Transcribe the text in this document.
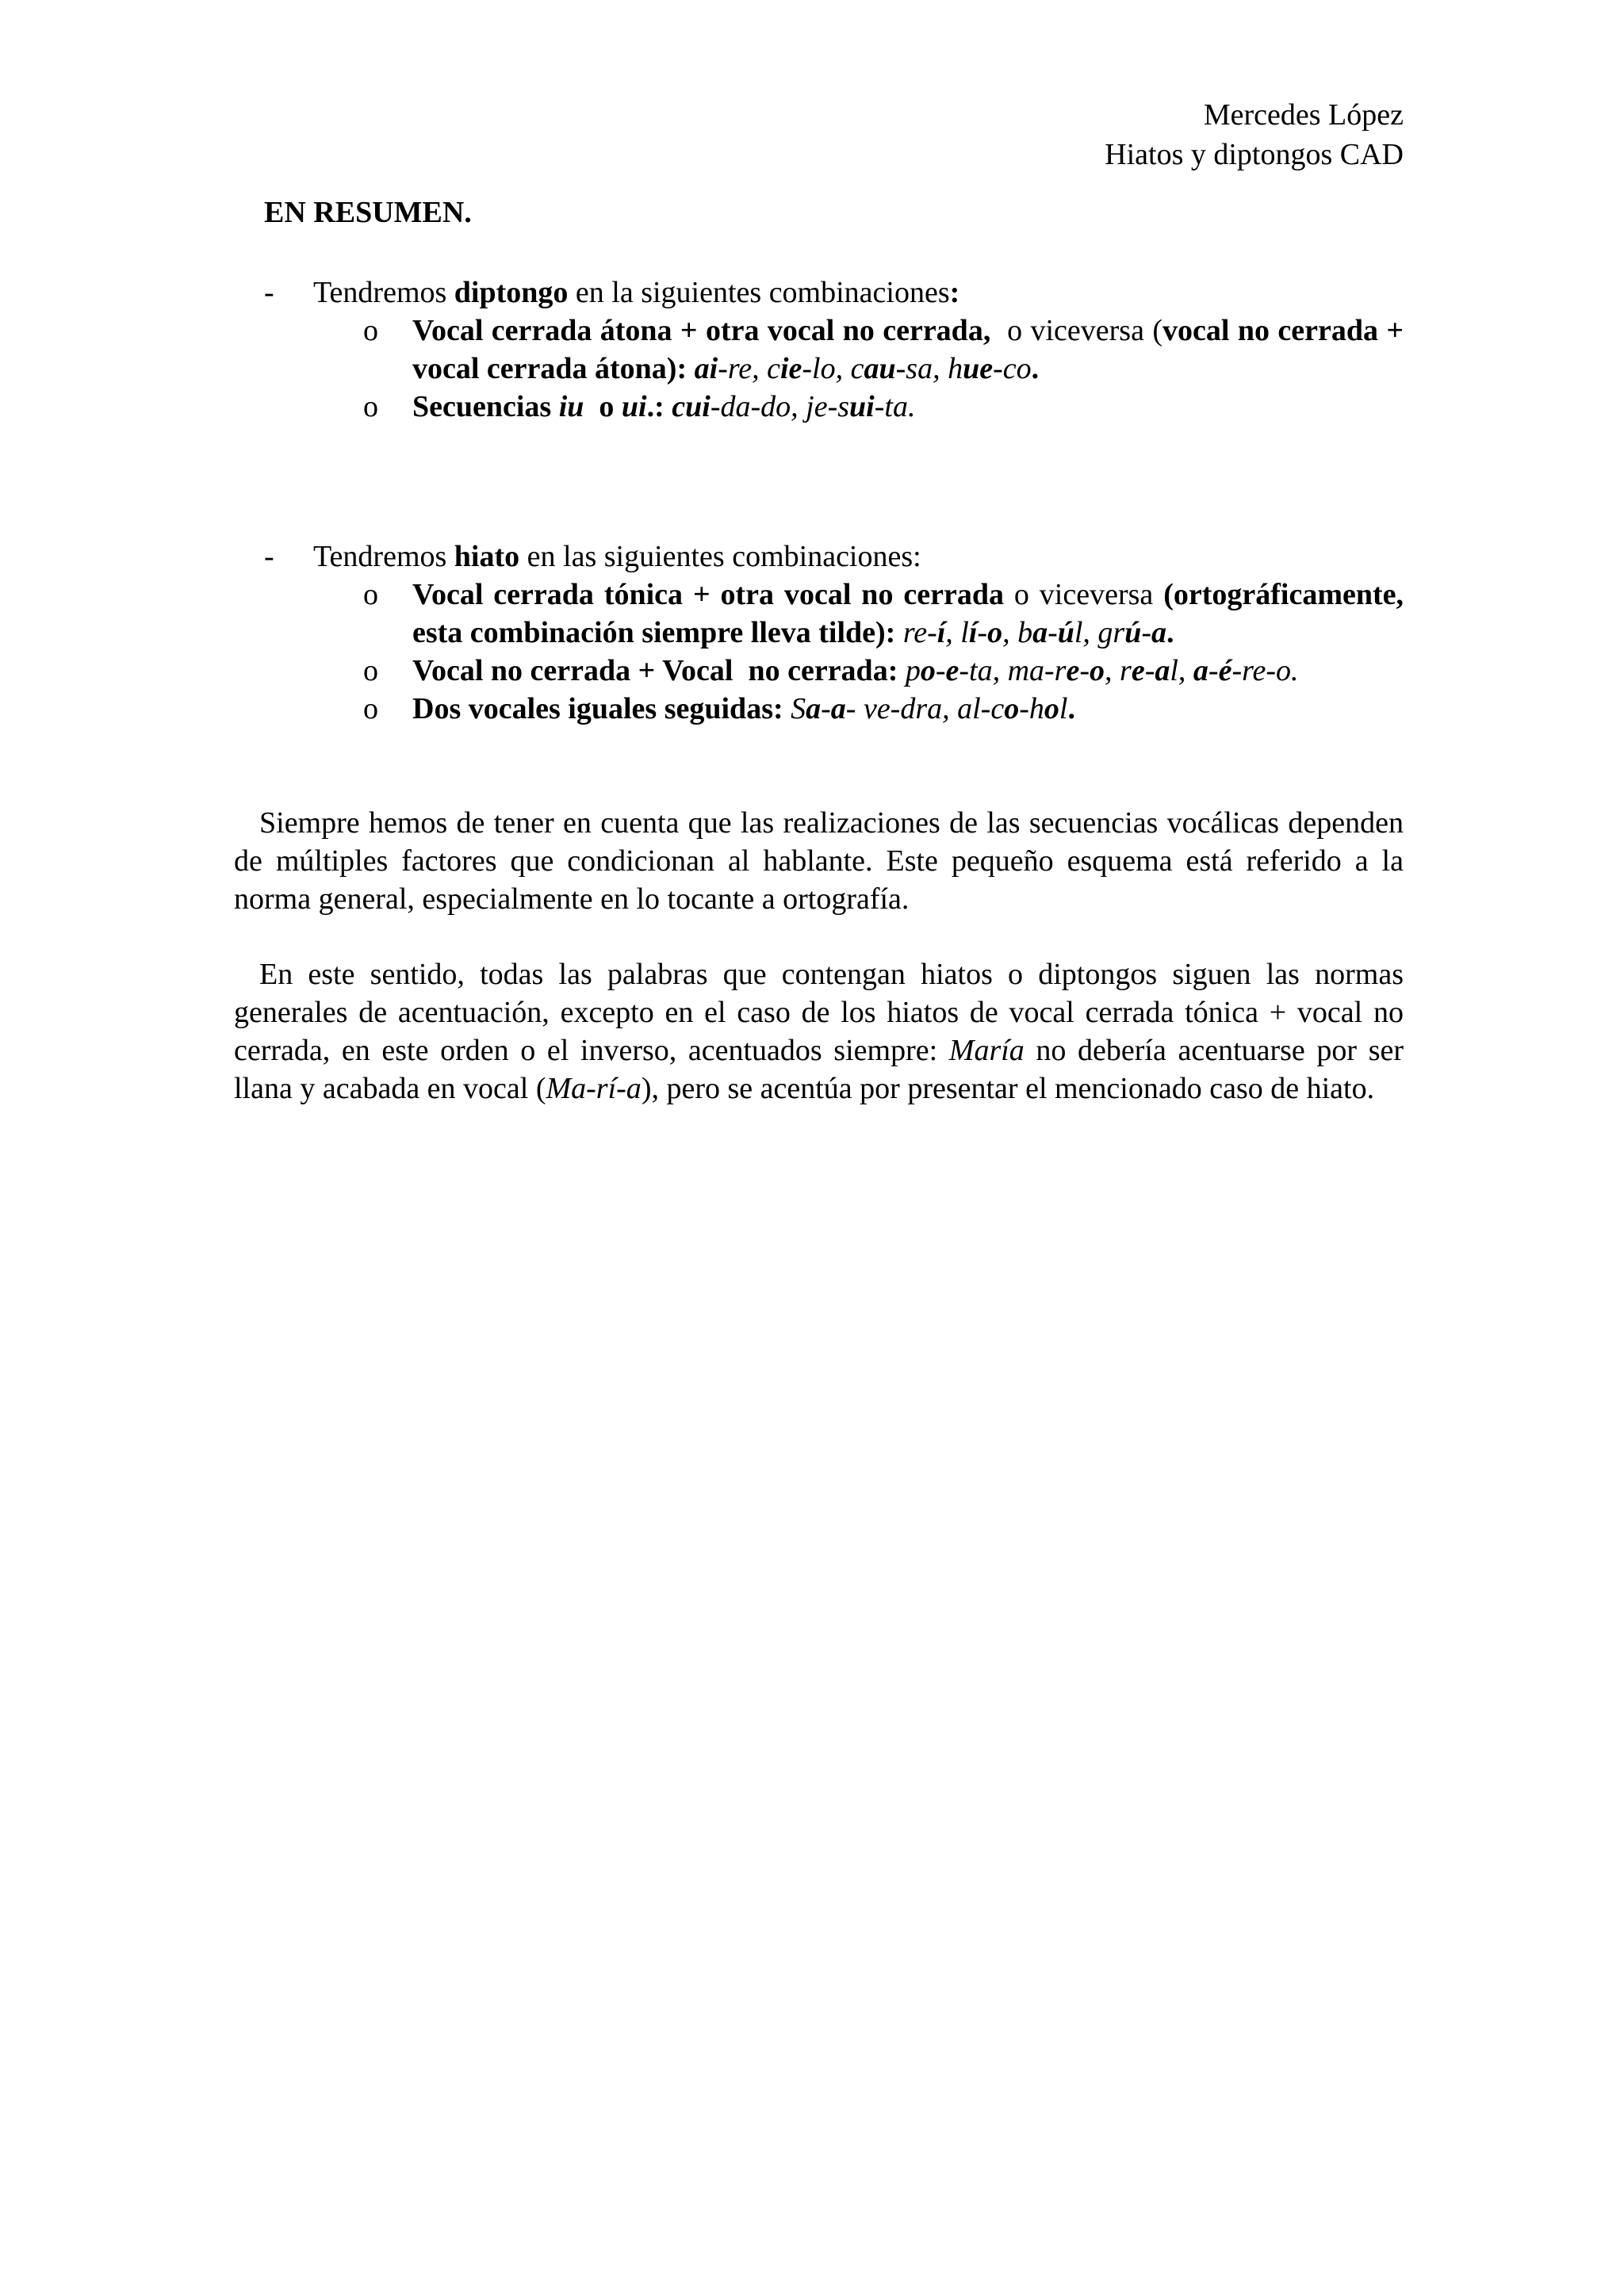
Mercedes López
Hiatos y diptongos CAD
EN RESUMEN.
- Tendremos diptongo en la siguientes combinaciones:
o Vocal cerrada átona + otra vocal no cerrada,  o viceversa (vocal no cerrada + vocal cerrada átona): ai-re, cie-lo, cau-sa, hue-co.
o Secuencias iu  o ui.: cui-da-do, je-sui-ta.
- Tendremos hiato en las siguientes combinaciones:
o Vocal cerrada tónica + otra vocal no cerrada o viceversa (ortográficamente, esta combinación siempre lleva tilde): re-í, lí-o, ba-úl, grú-a.
o Vocal no cerrada + Vocal  no cerrada: po-e-ta, ma-re-o, re-al, a-é-re-o.
o Dos vocales iguales seguidas: Sa-a- ve-dra, al-co-hol.
Siempre hemos de tener en cuenta que las realizaciones de las secuencias vocálicas dependen de múltiples factores que condicionan al hablante. Este pequeño esquema está referido a la norma general, especialmente en lo tocante a ortografía.
En este sentido, todas las palabras que contengan hiatos o diptongos siguen las normas generales de acentuación, excepto en el caso de los hiatos de vocal cerrada tónica + vocal no cerrada, en este orden o el inverso, acentuados siempre: María no debería acentuarse por ser llana y acabada en vocal (Ma-rí-a), pero se acentúa por presentar el mencionado caso de hiato.
